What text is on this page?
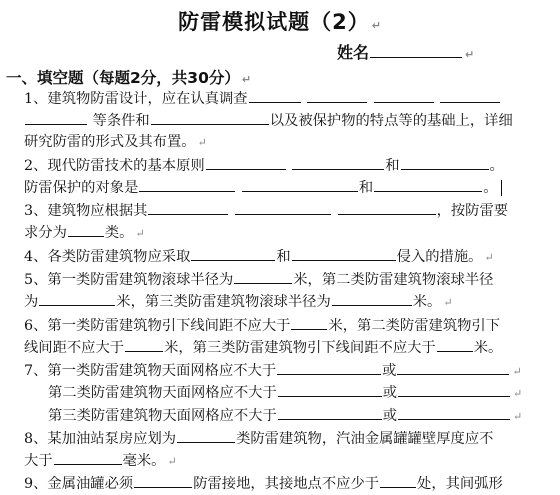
防雷模拟试题（2） ↵
姓名	↵
一、填空题（每题2分，共30分） ↵
1、建筑物防雷设计，应在认真调查
等条件和	以及被保护物的特点等的基础上，详细
研究防雷的形式及其布置。 ↵
2、现代防雷技术的基本原则	和	。
防雷保护的对象是	和	。
3、建筑物应根据其	，按防雷要
求分为	类。 ↵
4、各类防雷建筑物应采取	和	侵入的措施。 ↵
5、第一类防雷建筑物滚球半径为	米，第二类防雷建筑物滚球半径
为	米，第三类防雷建筑物滚球半径为	米。 ↵
6、第一类防雷建筑物引下线间距不应大于	米，第二类防雷建筑物引下
线间距不应大于	米，第三类防雷建筑物引下线间距不应大于	米。
7、第一类防雷建筑物天面网格应不大于	或	↵
第二类防雷建筑物天面网格应不大于	或	↵
第三类防雷建筑物天面网格应不大于	或	↵
8、某加油站泵房应划为	类防雷建筑物，汽油金属罐罐壁厚度应不
大于	毫米。 ↵
9、金属油罐必须	防雷接地，其接地点不应少于	处，其间弧形
